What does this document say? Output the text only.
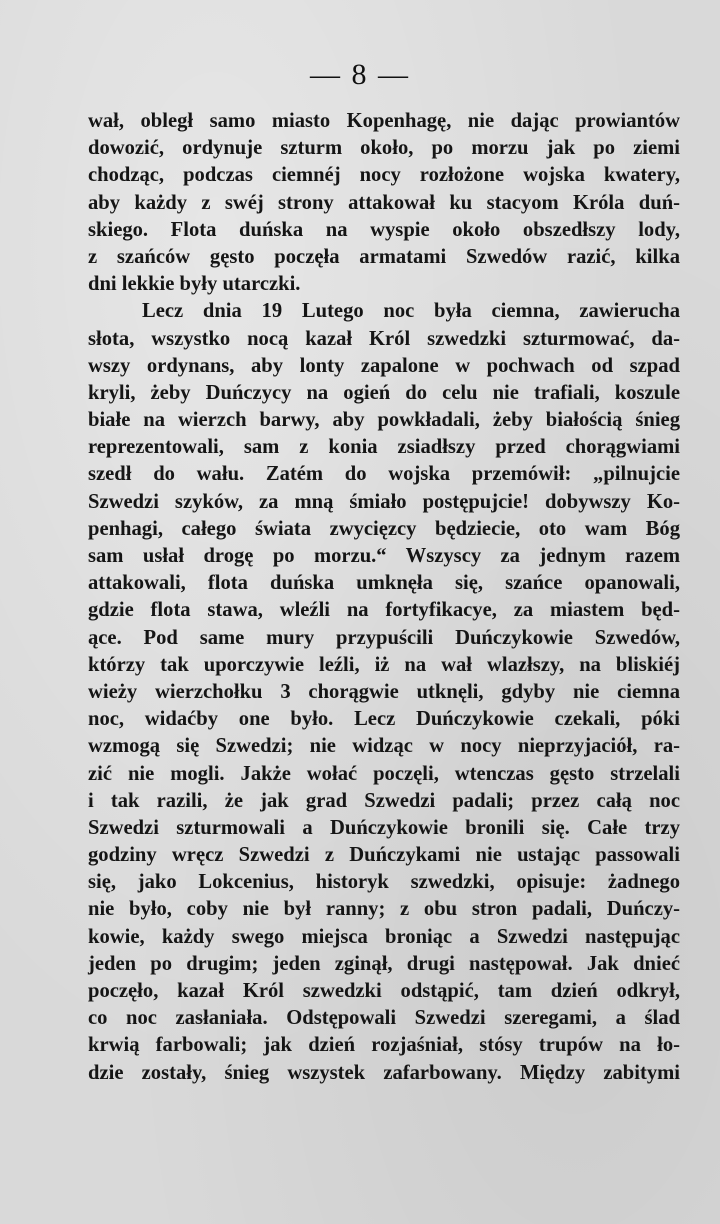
— 8 —
wał, obległ samo miasto Kopenhagę, nie dając prowiantów
dowozić, ordynuje szturm około, po morzu jak po ziemi
chodząc, podczas ciemnéj nocy rozłożone wojska kwatery,
aby każdy z swéj strony attakował ku stacyom Króla duń-
skiego. Flota duńska na wyspie około obszedłszy lody,
z szańców gęsto poczęła armatami Szwedów razić, kilka
dni lekkie były utarczki.
Lecz dnia 19 Lutego noc była ciemna, zawierucha
słota, wszystko nocą kazał Król szwedzki szturmować, da-
wszy ordynans, aby lonty zapalone w pochwach od szpad
kryli, żeby Duńczycy na ogień do celu nie trafiali, koszule
białe na wierzch barwy, aby powkładali, żeby białością śnieg
reprezentowali, sam z konia zsiadłszy przed chorągwiami
szedł do wału. Zatém do wojska przemówił: „pilnujcie
Szwedzi szyków, za mną śmiało postępujcie! dobywszy Ko-
penhagi, całego świata zwycięzcy będziecie, oto wam Bóg
sam usłał drogę po morzu.“ Wszyscy za jednym razem
attakowali, flota duńska umknęła się, szańce opanowali,
gdzie flota stawa, wleźli na fortyfikacye, za miastem będ-
ące. Pod same mury przypuścili Duńczykowie Szwedów,
którzy tak uporczywie leźli, iż na wał wlazłszy, na bliskiéj
wieży wierzchołku 3 chorągwie utknęli, gdyby nie ciemna
noc, widaćby one było. Lecz Duńczykowie czekali, póki
wzmogą się Szwedzi; nie widząc w nocy nieprzyjaciół, ra-
zić nie mogli. Jakże wołać poczęli, wtenczas gęsto strzelali
i tak razili, że jak grad Szwedzi padali; przez całą noc
Szwedzi szturmowali a Duńczykowie bronili się. Całe trzy
godziny wręcz Szwedzi z Duńczykami nie ustając passowali
się, jako Lokcenius, historyk szwedzki, opisuje: żadnego
nie było, coby nie był ranny; z obu stron padali, Duńczy-
kowie, każdy swego miejsca broniąc a Szwedzi następując
jeden po drugim; jeden zginął, drugi następował. Jak dnieć
poczęło, kazał Król szwedzki odstąpić, tam dzień odkrył,
co noc zasłaniała. Odstępowali Szwedzi szeregami, a ślad
krwią farbowali; jak dzień rozjaśniał, stósy trupów na ło-
dzie zostały, śnieg wszystek zafarbowany. Między zabitymi
